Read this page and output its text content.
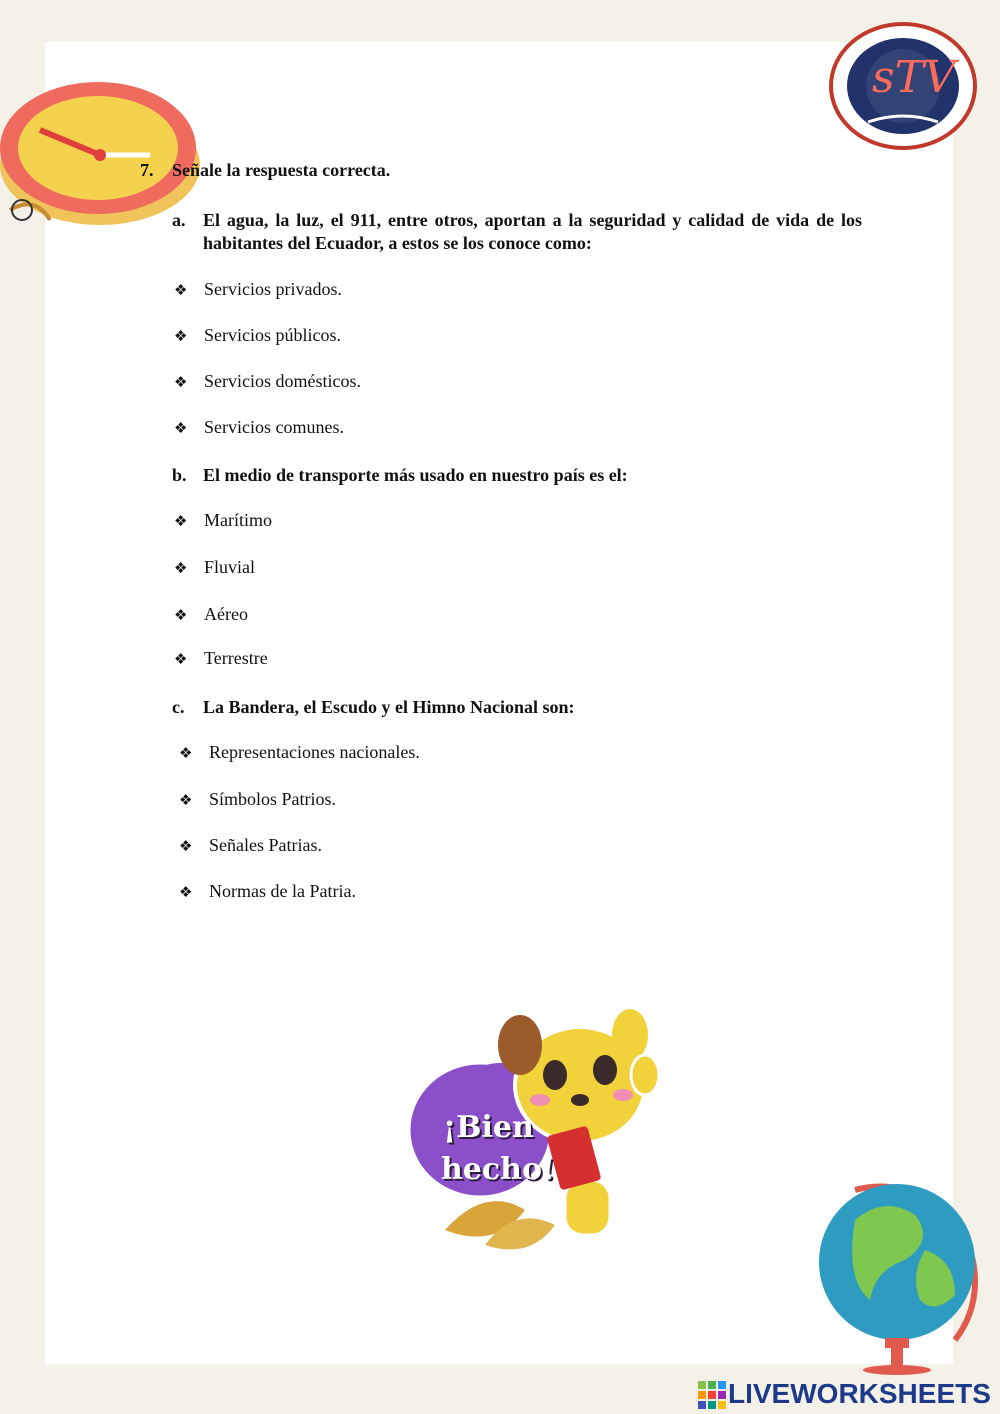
sTV
7. Señale la respuesta correcta.
a. El agua, la luz, el 911, entre otros, aportan a la seguridad y calidad de vida de los habitantes del Ecuador, a estos se los conoce como:
❖ Servicios privados.
❖ Servicios públicos.
❖ Servicios domésticos.
❖ Servicios comunes.
b. El medio de transporte más usado en nuestro país es el:
❖ Marítimo
❖ Fluvial
❖ Aéreo
❖ Terrestre
c. La Bandera, el Escudo y el Himno Nacional son:
❖ Representaciones nacionales.
❖ Símbolos Patrios.
❖ Señales Patrias.
❖ Normas de la Patria.
¡Bien
hecho!
LIVEWORKSHEETS
